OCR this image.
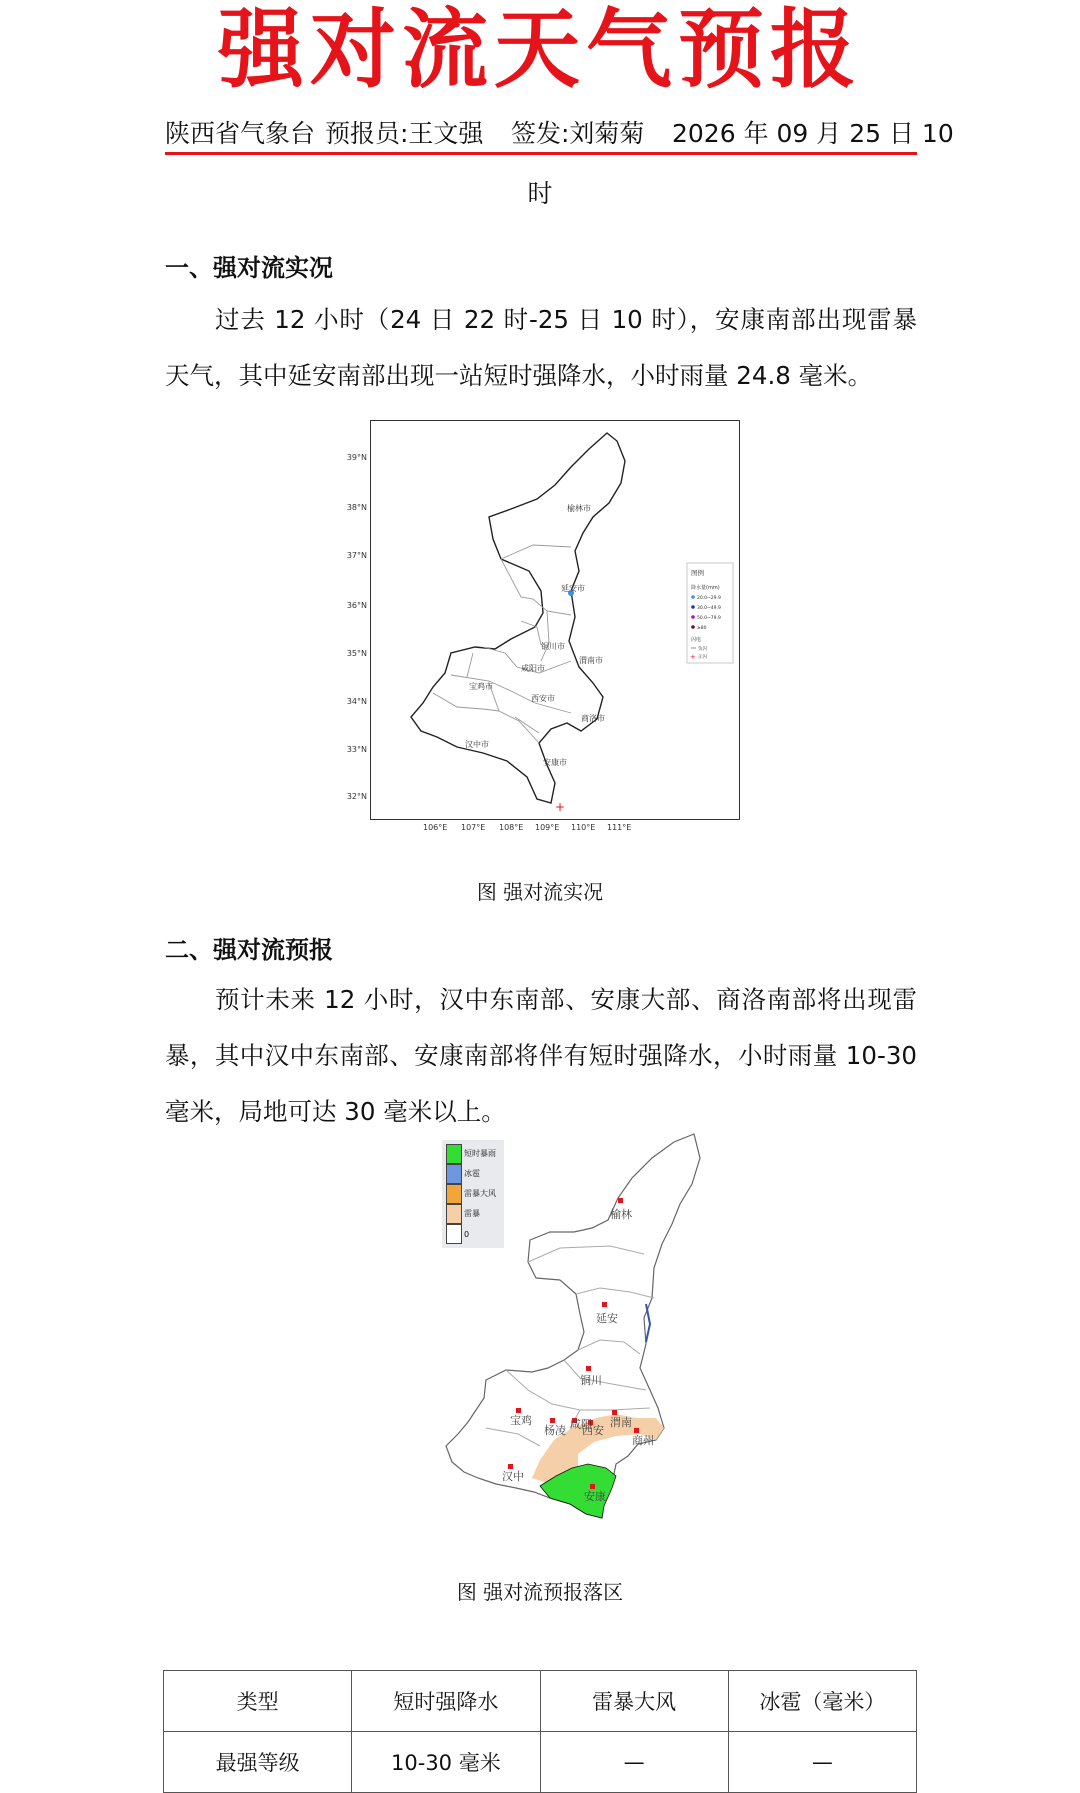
强对流天气预报
陕西省气象台 预报员:王文强 签发:刘菊菊 2026 年 09 月 25 日 10
时
一、强对流实况
过去 12 小时（24 日 22 时-25 日 10 时），安康南部出现雷暴天气，其中延安南部出现一站短时强降水，小时雨量 24.8 毫米。
+
榆林市
延安市
铜川市
渭南市
咸阳市
宝鸡市
西安市
商洛市
汉中市
安康市
图例
降水量(mm)
20.0~29.9
30.0~49.9
50.0~79.9
≥80
闪电
负闪
+ 正闪
39°N
38°N
37°N
36°N
35°N
34°N
33°N
32°N
106°E 107°E 108°E 109°E 110°E 111°E
图 强对流实况
二、强对流预报
预计未来 12 小时，汉中东南部、安康大部、商洛南部将出现雷暴，其中汉中东南部、安康南部将伴有短时强降水，小时雨量 10-30 毫米，局地可达 30 毫米以上。
短时暴雨
冰雹
雷暴大风
雷暴
0
榆林
延安
铜川
宝鸡
杨凌 咸阳
西安
渭南
商州
汉中
安康
图 强对流预报落区
类型	短时强降水	雷暴大风	冰雹（毫米）
最强等级	10-30 毫米	—	—
